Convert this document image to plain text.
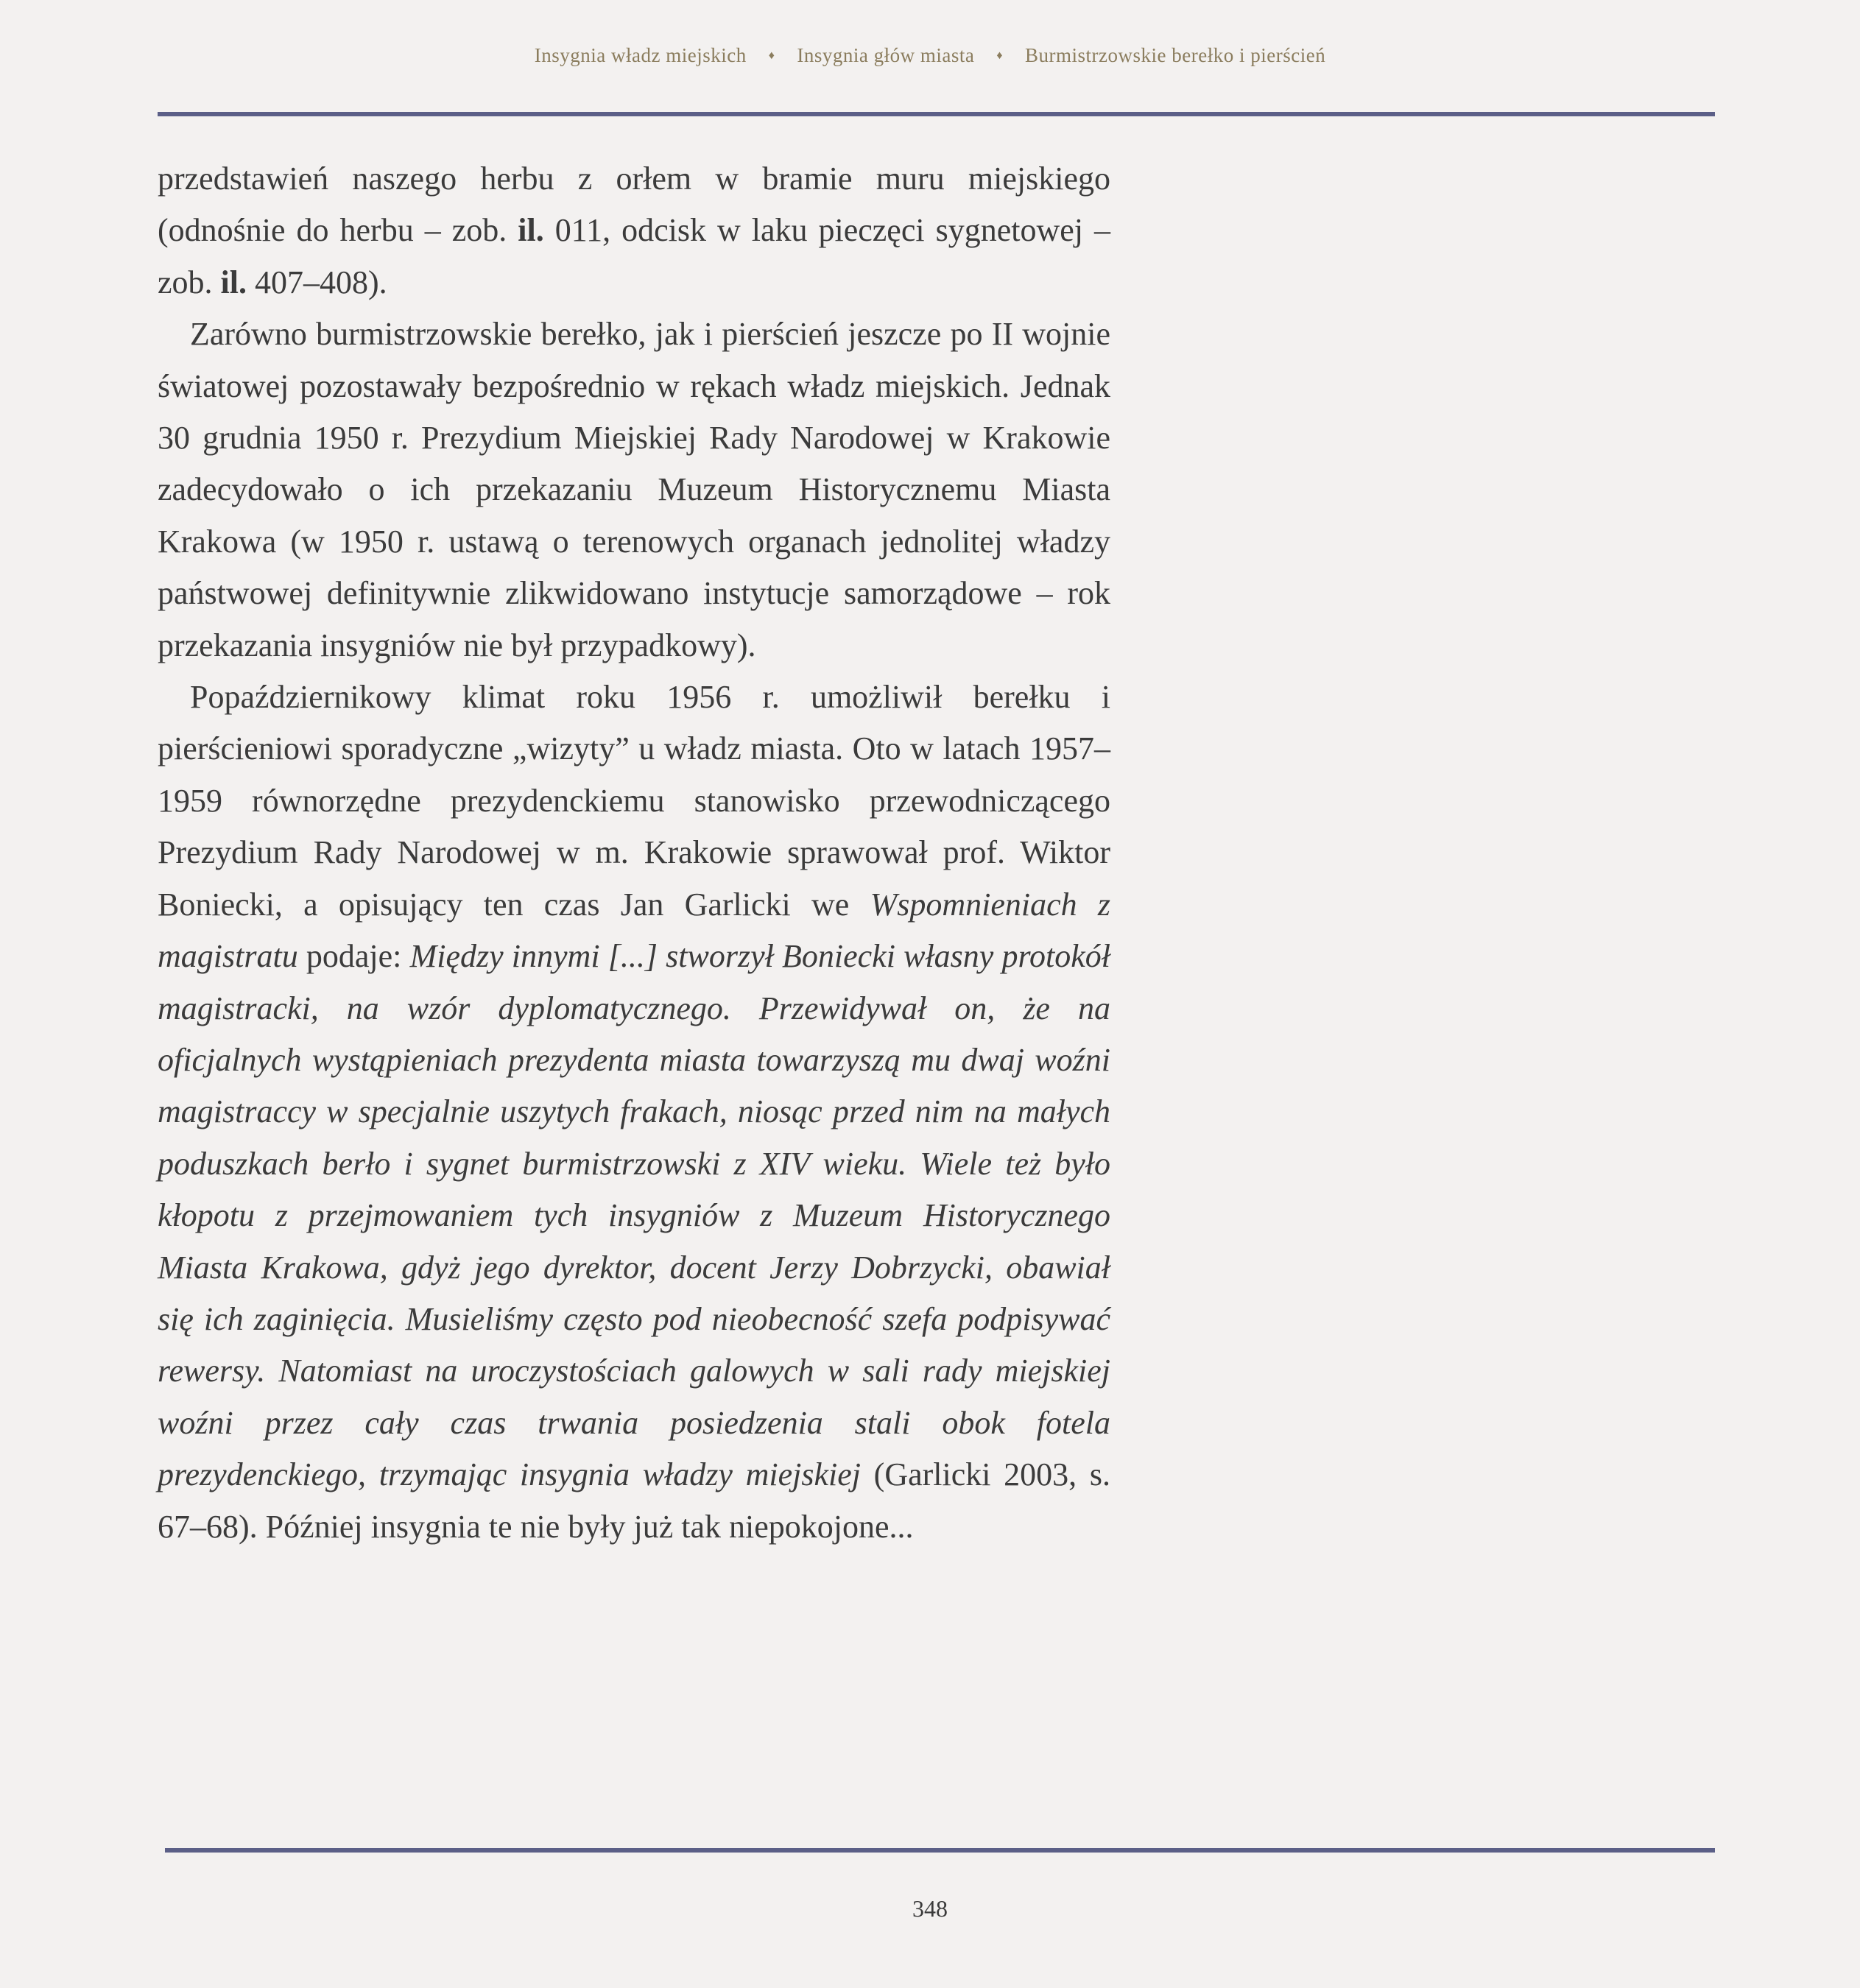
Insygnia władz miejskich ♦ Insygnia głów miasta ♦ Burmistrzowskie berełko i pierścień

przedstawień naszego herbu z orłem w bramie muru miejskiego (odnośnie do herbu – zob. il. 011, odcisk w laku pieczęci sygnetowej – zob. il. 407–408).

Zarówno burmistrzowskie berełko, jak i pierścień jeszcze po II wojnie światowej pozostawały bezpośrednio w rękach władz miejskich. Jednak 30 grudnia 1950 r. Prezydium Miejskiej Rady Narodowej w Krakowie zadecydowało o ich przekazaniu Muzeum Historycznemu Miasta Krakowa (w 1950 r. ustawą o terenowych organach jednolitej władzy państwowej definitywnie zlikwidowano instytucje samorządowe – rok przekazania insygniów nie był przypadkowy).

Popaździernikowy klimat roku 1956 r. umożliwił berełku i pierścieniowi sporadyczne „wizyty” u władz miasta. Oto w latach 1957–1959 równorzędne prezydenckiemu stanowisko przewodniczącego Prezydium Rady Narodowej w m. Krakowie sprawował prof. Wiktor Boniecki, a opisujący ten czas Jan Garlicki we Wspomnieniach z magistratu podaje: Między innymi [...] stworzył Boniecki własny protokół magistracki, na wzór dyplomatycznego. Przewidywał on, że na oficjalnych wystąpieniach prezydenta miasta towarzyszą mu dwaj woźni magistraccy w specjalnie uszytych frakach, niosąc przed nim na małych poduszkach berło i sygnet burmistrzowski z XIV wieku. Wiele też było kłopotu z przejmowaniem tych insygniów z Muzeum Historycznego Miasta Krakowa, gdyż jego dyrektor, docent Jerzy Dobrzycki, obawiał się ich zaginięcia. Musieliśmy często pod nieobecność szefa podpisywać rewersy. Natomiast na uroczystościach galowych w sali rady miejskiej woźni przez cały czas trwania posiedzenia stali obok fotela prezydenckiego, trzymając insygnia władzy miejskiej (Garlicki 2003, s. 67–68). Później insygnia te nie były już tak niepokojone...

348
